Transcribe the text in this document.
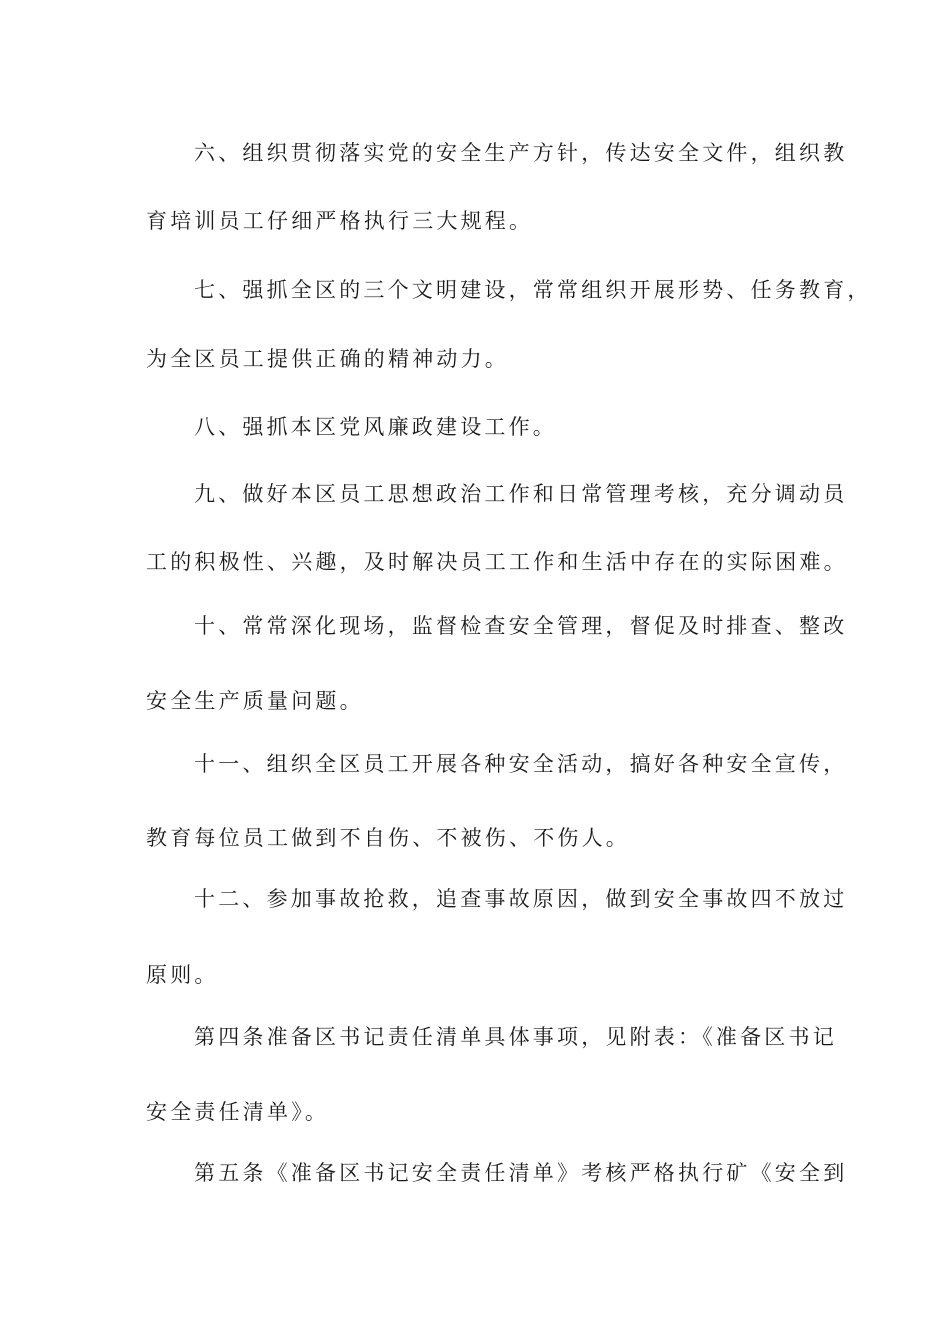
六、组织贯彻落实党的安全生产方针，传达安全文件，组织教
育培训员工仔细严格执行三大规程。
七、强抓全区的三个文明建设，常常组织开展形势、任务教育，
为全区员工提供正确的精神动力。
八、强抓本区党风廉政建设工作。
九、做好本区员工思想政治工作和日常管理考核，充分调动员
工的积极性、兴趣，及时解决员工工作和生活中存在的实际困难。
十、常常深化现场，监督检查安全管理，督促及时排查、整改
安全生产质量问题。
十一、组织全区员工开展各种安全活动，搞好各种安全宣传，
教育每位员工做到不自伤、不被伤、不伤人。
十二、参加事故抢救，追查事故原因，做到安全事故四不放过
原则。
第四条准备区书记责任清单具体事项，见附表：《准备区书记
安全责任清单》。
第五条《准备区书记安全责任清单》考核严格执行矿《安全到
